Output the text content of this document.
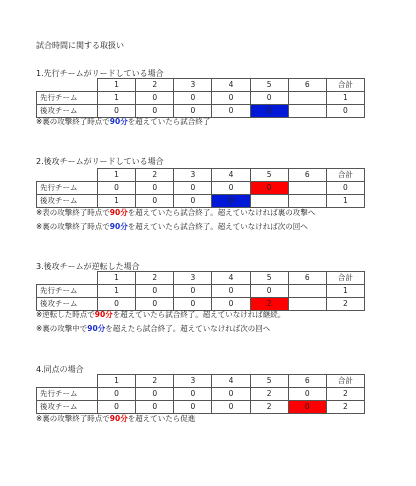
試合時間に関する取扱い
1.先行チームがリードしている場合
	1	2	3	4	5	6	合計
先行チーム	1	0	0	0	0		1
後攻チーム	0	0	0	0	0		0
※裏の攻撃終了時点で90分を超えていたら試合終了
2.後攻チームがリードしている場合
	1	2	3	4	5	6	合計
先行チーム	0	0	0	0	0		0
後攻チーム	1	0	0	0			1
※表の攻撃終了時点で90分を超えていたら試合終了。超えていなければ裏の攻撃へ
※裏の攻撃終了時点で90分を超えていたら試合終了。超えていなければ次の回へ
3.後攻チームが逆転した場合
	1	2	3	4	5	6	合計
先行チーム	1	0	0	0	0		1
後攻チーム	0	0	0	0	2		2
※逆転した時点で90分を超えていたら試合終了。超えていなければ継続。
※裏の攻撃中で90分を超えたら試合終了。超えていなければ次の回へ
4.同点の場合
	1	2	3	4	5	6	合計
先行チーム	0	0	0	0	2	0	2
後攻チーム	0	0	0	0	2	0	2
※裏の攻撃終了時点で90分を超えていたら促進
